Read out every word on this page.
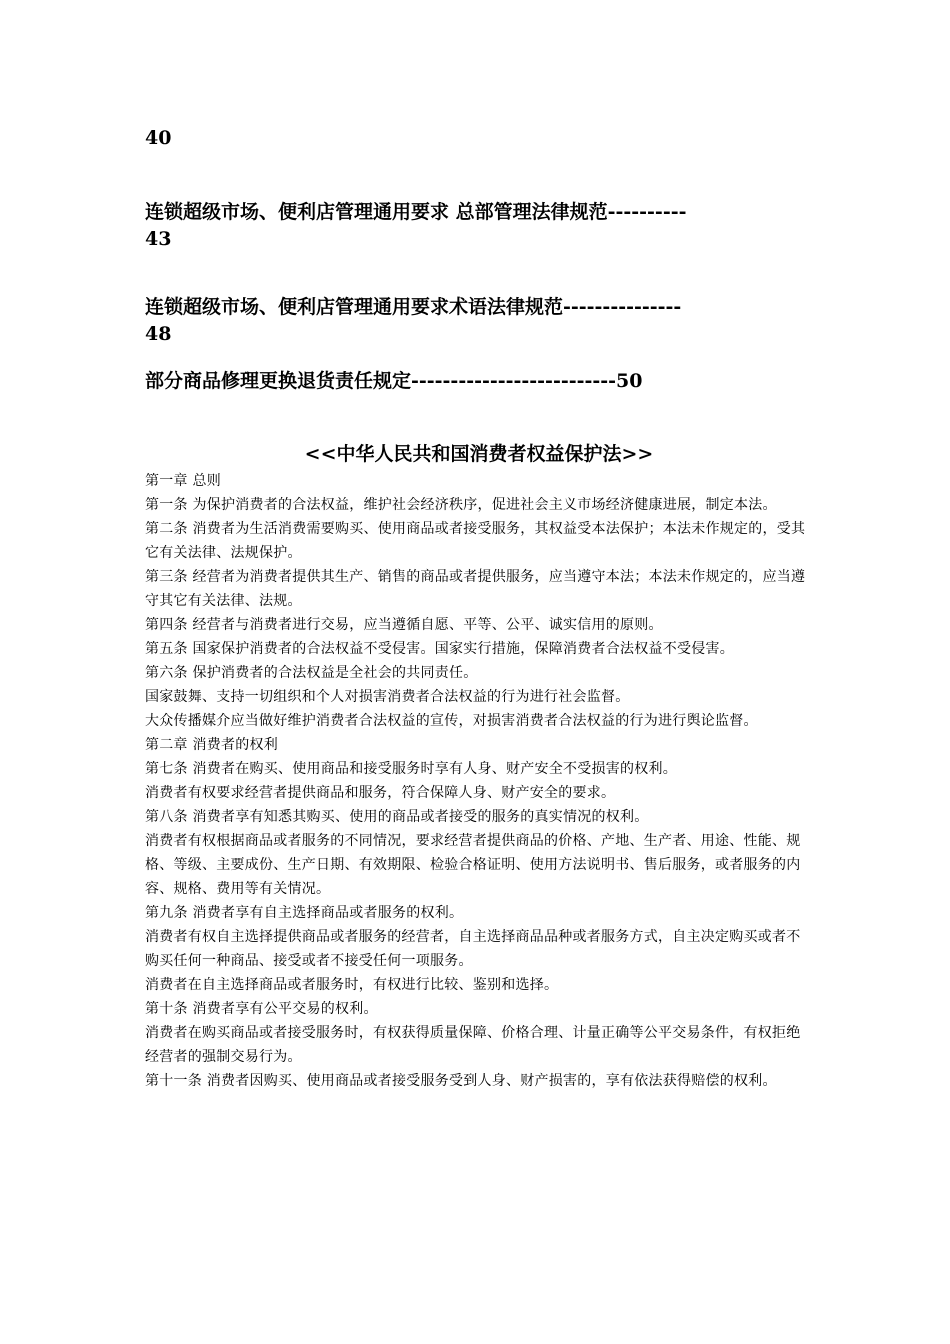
40
连锁超级市场、便利店管理通用要求 总部管理法律规范----------
43
连锁超级市场、便利店管理通用要求术语法律规范---------------
48
部分商品修理更换退货责任规定--------------------------50
<<中华人民共和国消费者权益保护法>>

第一章 总则

第一条 为保护消费者的合法权益，维护社会经济秩序，促进社会主义市场经济健康进展，制定本法。

第二条 消费者为生活消费需要购买、使用商品或者接受服务，其权益受本法保护；本法未作规定的，受其它有关法律、法规保护。

第三条 经营者为消费者提供其生产、销售的商品或者提供服务，应当遵守本法；本法未作规定的，应当遵守其它有关法律、法规。

第四条 经营者与消费者进行交易，应当遵循自愿、平等、公平、诚实信用的原则。

第五条 国家保护消费者的合法权益不受侵害。国家实行措施，保障消费者合法权益不受侵害。

第六条 保护消费者的合法权益是全社会的共同责任。

国家鼓舞、支持一切组织和个人对损害消费者合法权益的行为进行社会监督。

大众传播媒介应当做好维护消费者合法权益的宣传，对损害消费者合法权益的行为进行舆论监督。

第二章 消费者的权利

第七条 消费者在购买、使用商品和接受服务时享有人身、财产安全不受损害的权利。

消费者有权要求经营者提供商品和服务，符合保障人身、财产安全的要求。

第八条 消费者享有知悉其购买、使用的商品或者接受的服务的真实情况的权利。

消费者有权根据商品或者服务的不同情况，要求经营者提供商品的价格、产地、生产者、用途、性能、规格、等级、主要成份、生产日期、有效期限、检验合格证明、使用方法说明书、售后服务，或者服务的内容、规格、费用等有关情况。

第九条 消费者享有自主选择商品或者服务的权利。

消费者有权自主选择提供商品或者服务的经营者，自主选择商品品种或者服务方式，自主决定购买或者不购买任何一种商品、接受或者不接受任何一项服务。

消费者在自主选择商品或者服务时，有权进行比较、鉴别和选择。

第十条 消费者享有公平交易的权利。

消费者在购买商品或者接受服务时，有权获得质量保障、价格合理、计量正确等公平交易条件，有权拒绝经营者的强制交易行为。

第十一条 消费者因购买、使用商品或者接受服务受到人身、财产损害的，享有依法获得赔偿的权利。
